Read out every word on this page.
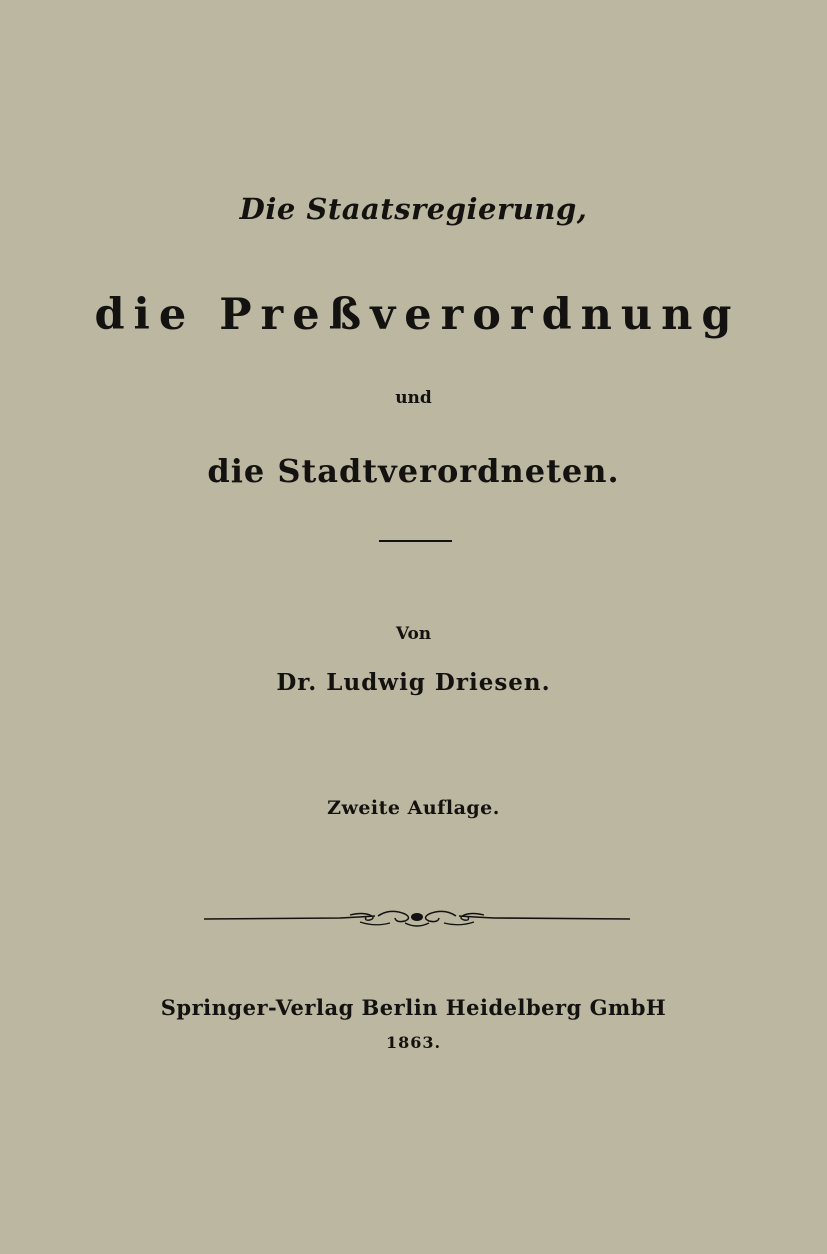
Die Staatsregierung,
die Preßverordnung
und
die Stadtverordneten.
Von
Dr. Ludwig Driesen.
Zweite Auflage.
Springer-Verlag Berlin Heidelberg GmbH
1863.
